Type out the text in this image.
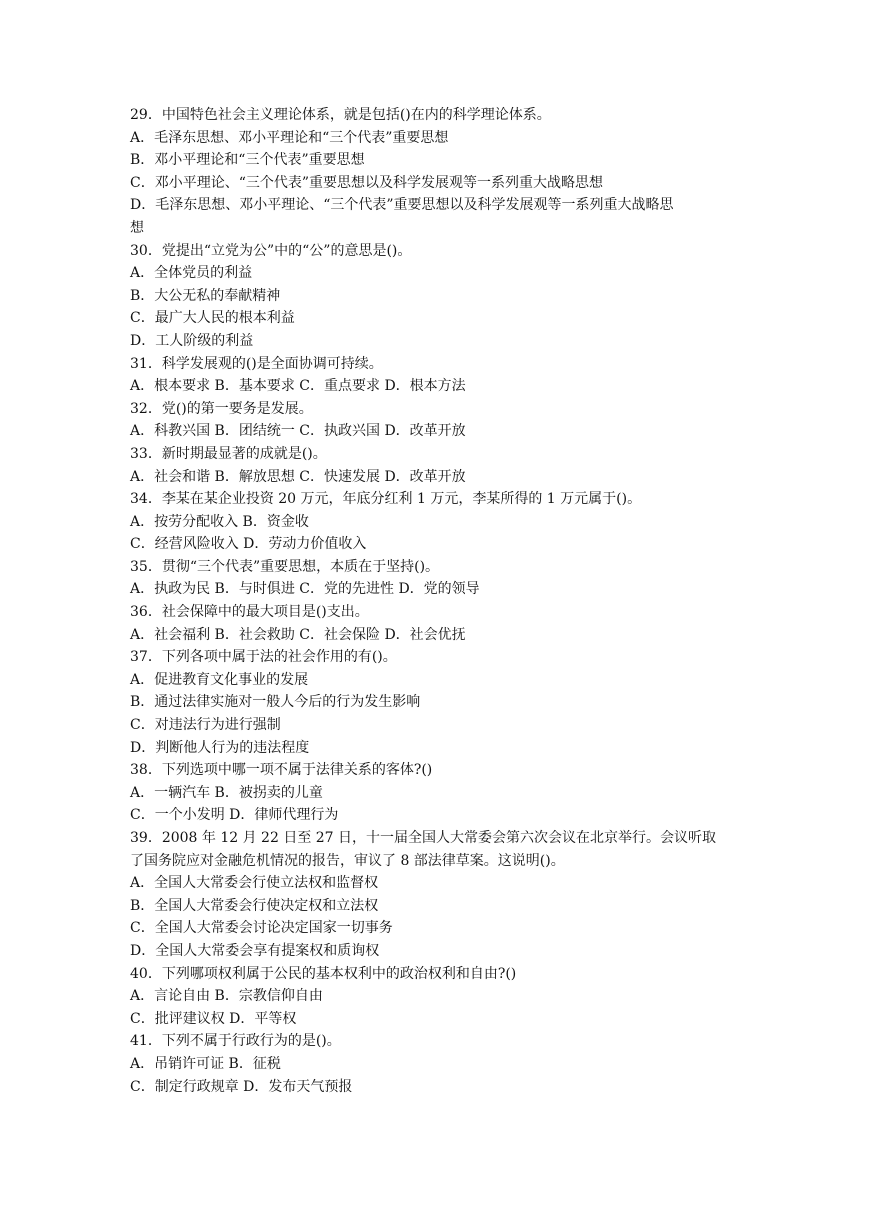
29．中国特色社会主义理论体系，就是包括()在内的科学理论体系。
A．毛泽东思想、邓小平理论和“三个代表”重要思想
B．邓小平理论和“三个代表”重要思想
C．邓小平理论、“三个代表”重要思想以及科学发展观等一系列重大战略思想
D．毛泽东思想、邓小平理论、“三个代表”重要思想以及科学发展观等一系列重大战略思
想
30．党提出“立党为公”中的“公”的意思是()。
A．全体党员的利益
B．大公无私的奉献精神
C．最广大人民的根本利益
D．工人阶级的利益
31．科学发展观的()是全面协调可持续。
A．根本要求 B．基本要求 C．重点要求 D．根本方法
32．党()的第一要务是发展。
A．科教兴国 B．团结统一 C．执政兴国 D．改革开放
33．新时期最显著的成就是()。
A．社会和谐 B．解放思想 C．快速发展 D．改革开放
34．李某在某企业投资 20 万元，年底分红利 1 万元，李某所得的 1 万元属于()。
A．按劳分配收入 B．资金收
C．经营风险收入 D．劳动力价值收入
35．贯彻“三个代表”重要思想，本质在于坚持()。
A．执政为民 B．与时俱进 C．党的先进性 D．党的领导
36．社会保障中的最大项目是()支出。
A．社会福利 B．社会救助 C．社会保险 D．社会优抚
37．下列各项中属于法的社会作用的有()。
A．促进教育文化事业的发展
B．通过法律实施对一般人今后的行为发生影响
C．对违法行为进行强制
D．判断他人行为的违法程度
38．下列选项中哪一项不属于法律关系的客体?()
A．一辆汽车 B．被拐卖的儿童
C．一个小发明 D．律师代理行为
39．2008 年 12 月 22 日至 27 日，十一届全国人大常委会第六次会议在北京举行。会议听取
了国务院应对金融危机情况的报告，审议了 8 部法律草案。这说明()。
A．全国人大常委会行使立法权和监督权
B．全国人大常委会行使决定权和立法权
C．全国人大常委会讨论决定国家一切事务
D．全国人大常委会享有提案权和质询权
40．下列哪项权利属于公民的基本权利中的政治权利和自由?()
A．言论自由 B．宗教信仰自由
C．批评建议权 D．平等权
41．下列不属于行政行为的是()。
A．吊销许可证 B．征税
C．制定行政规章 D．发布天气预报
